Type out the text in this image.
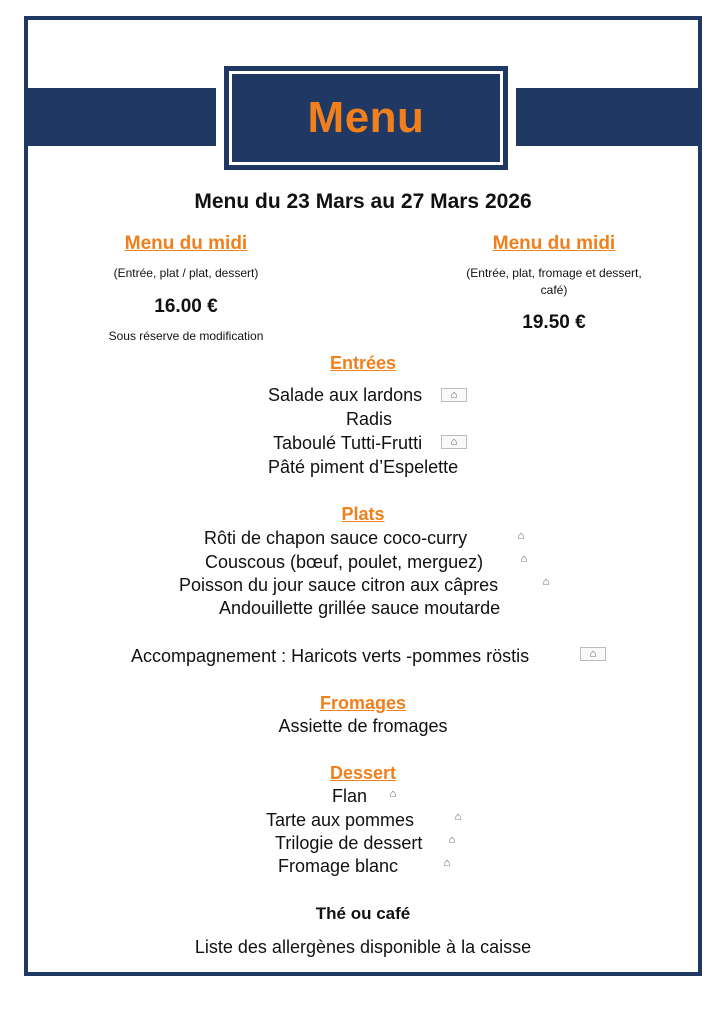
Menu
Menu du 23 Mars au 27 Mars 2026
Menu du midi
(Entrée, plat / plat, dessert)
16.00 €
Sous réserve de modification
Menu du midi
(Entrée, plat, fromage et dessert,
café)
19.50 €
Entrées
Salade aux lardons	⌂
Radis
Taboulé Tutti-Frutti	⌂
Pâté piment d’Espelette
Plats
Rôti de chapon sauce coco-curry	⌂
Couscous (bœuf, poulet, merguez)	⌂
Poisson du jour sauce citron aux câpres	⌂
Andouillette grillée sauce moutarde
Accompagnement : Haricots verts -pommes röstis	⌂
Fromages
Assiette de fromages
Dessert
Flan	⌂
Tarte aux pommes	⌂
Trilogie de dessert	⌂
Fromage blanc	⌂
Thé ou café
Liste des allergènes disponible à la caisse
